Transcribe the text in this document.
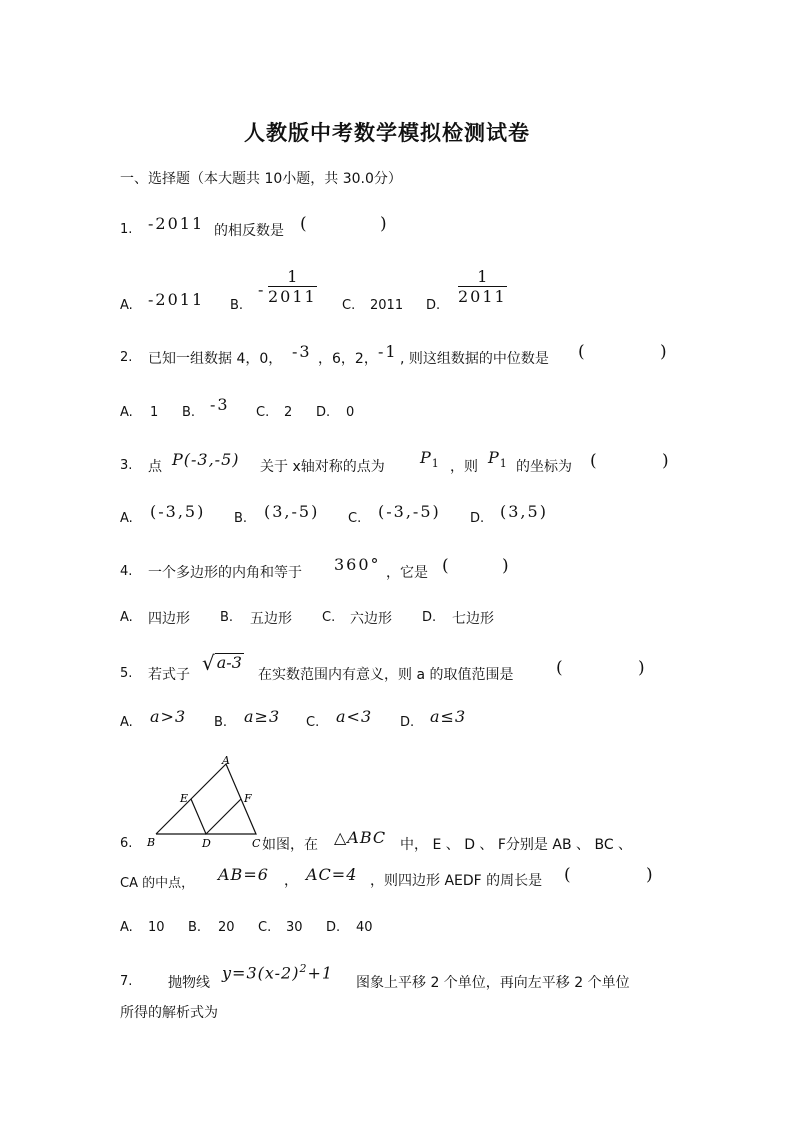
人教版中考数学模拟检测试卷
一、选择题（本大题共 10小题，共 30.0分）
1. -2011 的相反数是 (	)
A. -2011 B.
-
1
2011 C. 2011 D.
1
2011
2. 已知一组数据 4，0， -3 ，6，2， -1 , 则这组数据的中位数是 (	)
A. 1 B. -3 C. 2 D. 0
3. 点 P(-3,-5) 关于 x轴对称的点为 $P_1$ ，则 $P_1$ 的坐标为 (	)
A. (-3,5) B. (3,-5) C. (-3,-5) D. (3,5)
4. 一个多边形的内角和等于 360° ，它是 (	)
A. 四边形 B. 五边形 C. 六边形 D. 七边形
5. 若式子 √ a-3
在实数范围内有意义，则 a 的取值范围是	(	)
A. a>3 B. a≥3 C. a<3 D. a≤3
A
E	F
B	D	C
6.	如图，在 △ABC 中， E 、 D 、 F分别是 AB 、 BC 、
CA 的中点， AB=6 ， AC=4 ，则四边形 AEDF 的周长是 (	)
A. 10 B. 20 C. 30 D. 40
7.	抛物线
$y=3(x-2)^2+1$
图象上平移 2 个单位，再向左平移 2 个单位
所得的解析式为
